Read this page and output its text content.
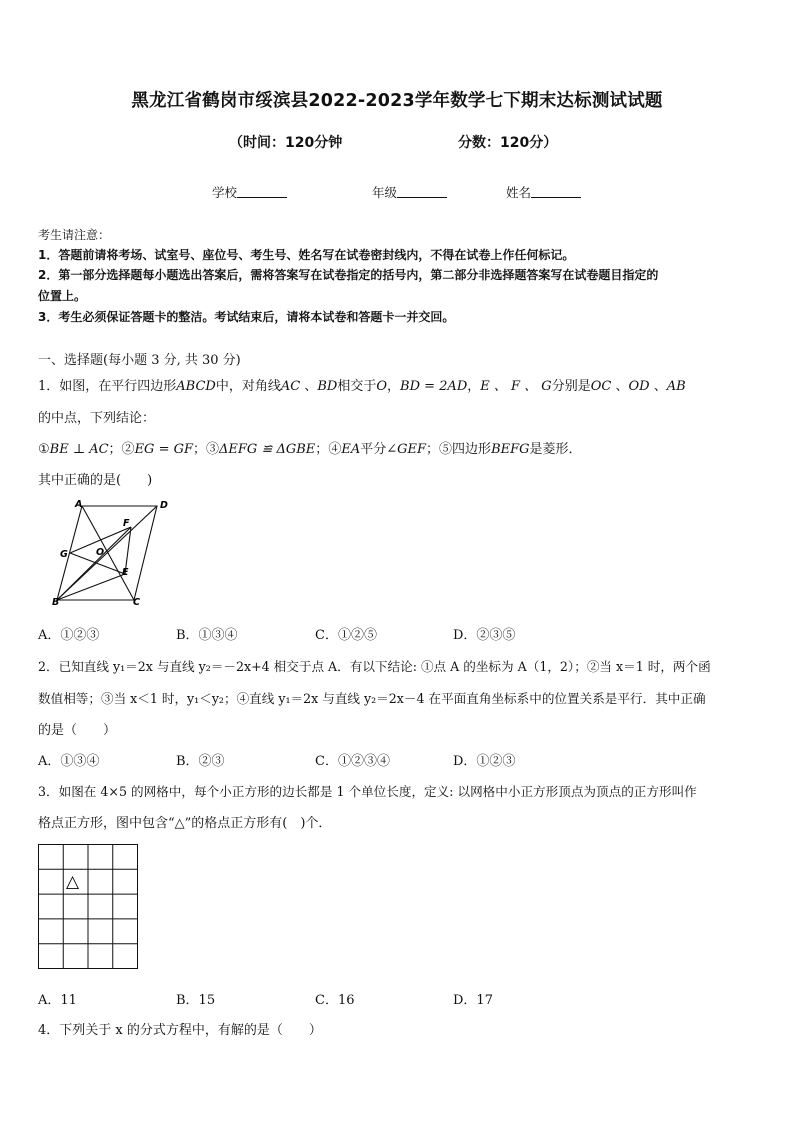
黑龙江省鹤岗市绥滨县2022-2023学年数学七下期末达标测试试题
（时间：120分钟	分数：120分）
学校	年级	姓名
考生请注意：
1．答题前请将考场、试室号、座位号、考生号、姓名写在试卷密封线内，不得在试卷上作任何标记。
2．第一部分选择题每小题选出答案后，需将答案写在试卷指定的括号内，第二部分非选择题答案写在试卷题目指定的
位置上。
3．考生必须保证答题卡的整洁。考试结束后，请将本试卷和答题卡一并交回。
一、选择题(每小题 3 分, 共 30 分)
1．如图，在平行四边形ABCD中，对角线AC 、BD相交于O，BD = 2AD，E 、 F 、 G分别是OC 、OD 、AB
的中点，下列结论：
①BE ⊥ AC；②EG = GF；③ΔEFG ≌ ΔGBE；④EA平分∠GEF；⑤四边形BEFG是菱形．
其中正确的是(　　)
A	D
F
G	O
E
B	C
A．①②③	B．①③④	C．①②⑤	D．②③⑤
2．已知直线 y₁＝2x 与直线 y₂＝－2x+4 相交于点 A．有以下结论: ①点 A 的坐标为 A（1，2）；②当 x＝1 时，两个函
数值相等；③当 x＜1 时，y₁＜y₂；④直线 y₁＝2x 与直线 y₂＝2x－4 在平面直角坐标系中的位置关系是平行．其中正确
的是（　　）
A．①③④	B．②③	C．①②③④	D．①②③
3．如图在 4×5 的网格中，每个小正方形的边长都是 1 个单位长度，定义: 以网格中小正方形顶点为顶点的正方形叫作
格点正方形，图中包含“△”的格点正方形有(　)个．
△
A．11	B．15	C．16	D．17
4．下列关于 x 的分式方程中，有解的是（　　）
